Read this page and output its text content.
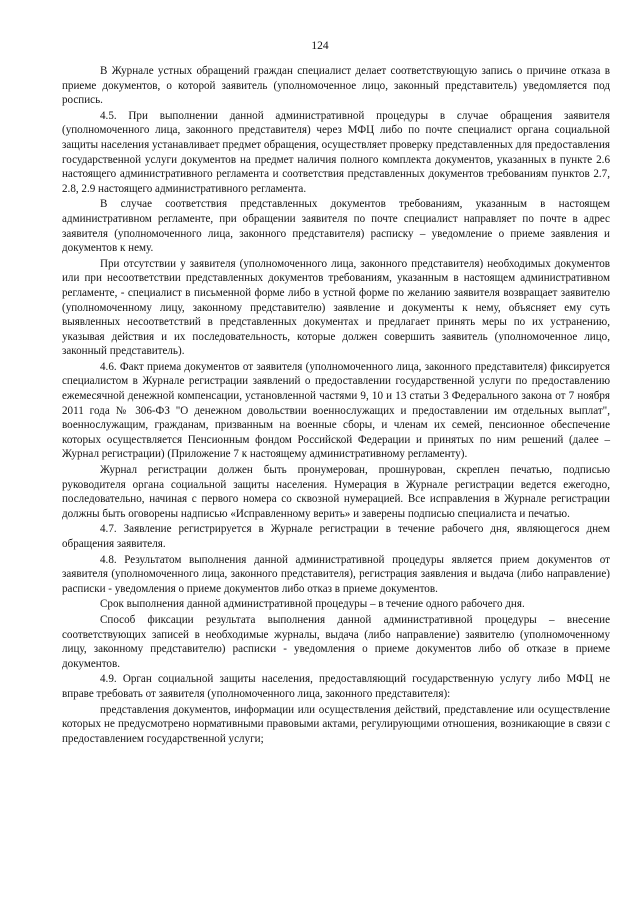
124

В Журнале устных обращений граждан специалист делает соответствующую запись о причине отказа в приеме документов, о которой заявитель (уполномоченное лицо, законный представитель) уведомляется под роспись.

4.5. При выполнении данной административной процедуры в случае обращения заявителя (уполномоченного лица, законного представителя) через МФЦ либо по почте специалист органа социальной защиты населения устанавливает предмет обращения, осуществляет проверку представленных для предоставления государственной услуги документов на предмет наличия полного комплекта документов, указанных в пункте 2.6 настоящего административного регламента и соответствия представленных документов требованиям пунктов 2.7, 2.8, 2.9 настоящего административного регламента.

В случае соответствия представленных документов требованиям, указанным в настоящем административном регламенте, при обращении заявителя по почте специалист направляет по почте в адрес заявителя (уполномоченного лица, законного представителя) расписку – уведомление о приеме заявления и документов к нему.

При отсутствии у заявителя (уполномоченного лица, законного представителя) необходимых документов или при несоответствии представленных документов требованиям, указанным в настоящем административном регламенте, - специалист в письменной форме либо в устной форме по желанию заявителя возвращает заявителю (уполномоченному лицу, законному представителю) заявление и документы к нему, объясняет ему суть выявленных несоответствий в представленных документах и предлагает принять меры по их устранению, указывая действия и их последовательность, которые должен совершить заявитель (уполномоченное лицо, законный представитель).

4.6. Факт приема документов от заявителя (уполномоченного лица, законного представителя) фиксируется специалистом в Журнале регистрации заявлений о предоставлении государственной услуги по предоставлению ежемесячной денежной компенсации, установленной частями 9, 10 и 13 статьи 3 Федерального закона от 7 ноября 2011 года № 306-ФЗ "О денежном довольствии военнослужащих и предоставлении им отдельных выплат", военнослужащим, гражданам, призванным на военные сборы, и членам их семей, пенсионное обеспечение которых осуществляется Пенсионным фондом Российской Федерации и принятых по ним решений (далее – Журнал регистрации) (Приложение 7 к настоящему административному регламенту).

Журнал регистрации должен быть пронумерован, прошнурован, скреплен печатью, подписью руководителя органа социальной защиты населения. Нумерация в Журнале регистрации ведется ежегодно, последовательно, начиная с первого номера со сквозной нумерацией. Все исправления в Журнале регистрации должны быть оговорены надписью «Исправленному верить» и заверены подписью специалиста и печатью.

4.7. Заявление регистрируется в Журнале регистрации в течение рабочего дня, являющегося днем обращения заявителя.

4.8. Результатом выполнения данной административной процедуры является прием документов от заявителя (уполномоченного лица, законного представителя), регистрация заявления и выдача (либо направление) расписки - уведомления о приеме документов либо отказ в приеме документов.

Срок выполнения данной административной процедуры – в течение одного рабочего дня.

Способ фиксации результата выполнения данной административной процедуры – внесение соответствующих записей в необходимые журналы, выдача (либо направление) заявителю (уполномоченному лицу, законному представителю) расписки - уведомления о приеме документов либо об отказе в приеме документов.

4.9. Орган социальной защиты населения, предоставляющий государственную услугу либо МФЦ не вправе требовать от заявителя (уполномоченного лица, законного представителя):

представления документов, информации или осуществления действий, представление или осуществление которых не предусмотрено нормативными правовыми актами, регулирующими отношения, возникающие в связи с предоставлением государственной услуги;
